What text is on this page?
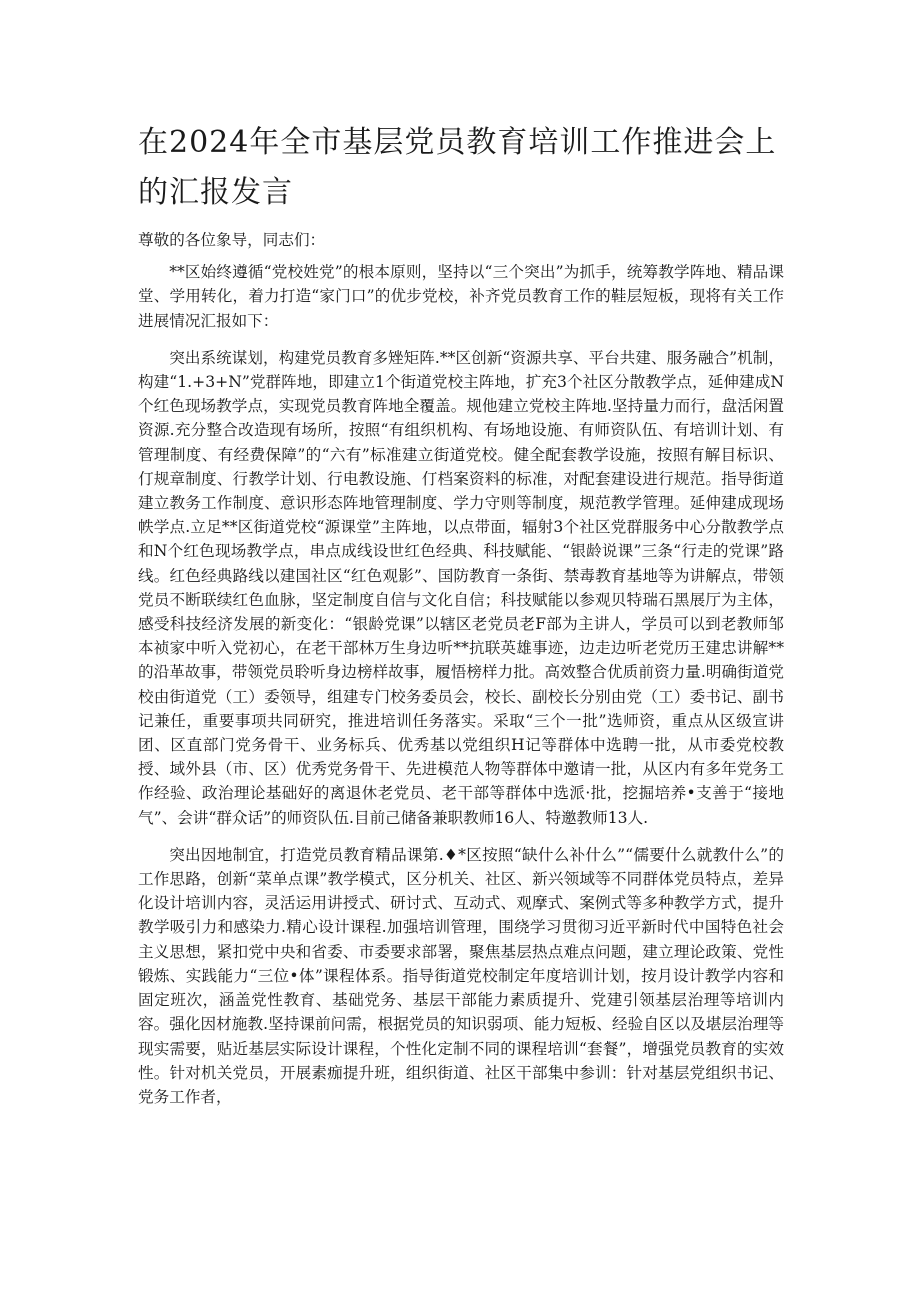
在2024年全市基层党员教育培训工作推进会上的汇报发言

尊敬的各位象导，同志们：

**区始终遵循“党校姓党”的根本原则，坚持以“三个突出”为抓手，统筹教学阵地、精品课堂、学用转化，着力打造“家门口”的优步党校，补齐党员教育工作的鞋层短板，现将有关工作进展情况汇报如下：

突出系统谋划，构建党员教育多矬矩阵.**区创新“资源共享、平台共建、服务融合”机制，构建“1.+3+N”党群阵地，即建立1个街道党校主阵地，扩充3个社区分散教学点，延伸建成N个红色现场教学点，实现党员教育阵地全覆盖。规他建立党校主阵地.坚持量力而行，盘活闲置资源.充分整合改造现有场所，按照“有组织机构、有场地设施、有师资队伍、有培训计划、有管理制度、有经费保障”的“六有”标准建立街道党校。健全配套教学设施，按照有解目标识、仃规章制度、行教学计划、行电教设施、仃档案资料的标准，对配套建设进行规范。指导街道建立教务工作制度、意识形态阵地管理制度、学力守则等制度，规范教学管理。延伸建成现场帙学点.立足**区街道党校“源课堂”主阵地，以点带面，辐射3个社区党群服务中心分散教学点和N个红色现场教学点，串点成线设世红色经典、科技赋能、“银龄说课”三条“行走的党课”路线。红色经典路线以建国社区“红色观影”、国防教育一条街、禁毒教育基地等为讲解点，带领党员不断联续红色血脉，坚定制度自信与文化自信；科技赋能以参观贝特瑞石黑展厅为主体，感受科技经济发展的新变化：“银龄党课”以辖区老党员老F部为主讲人，学员可以到老教师邹本祯家中听入党初心，在老干部林万生身边听**抗联英雄事迹，边走边听老党历王建忠讲解**的沿革故事，带领党员聆听身边榜样故事，履悟榜样力批。高效整合优质前资力量.明确街道党校由街道党（工）委领导，组建专门校务委员会，校长、副校长分别由党（工）委书记、副书记兼任，重要事项共同研究，推进培训任务落实。采取“三个一批”选师资，重点从区级宣讲团、区直部门党务骨干、业务标兵、优秀基以党组织H记等群体中选聘一批，从市委党校教授、域外县（市、区）优秀党务骨干、先进模范人物等群体中邀请一批，从区内有多年党务工作经验、政治理论基础好的离退休老党员、老干部等群体中选派·批，挖掘培养•支善于“接地气”、会讲“群众话”的师资队伍.目前己储备兼职教师16人、特邀教师13人.

突出因地制宜，打造党员教育精品课第.♦*区按照“缺什么补什么”“儒要什么就教什么”的工作思路，创新“菜单点课”教学模式，区分机关、社区、新兴领域等不同群体党员特点，差异化设计培训内容，灵活运用讲授式、研讨式、互动式、观摩式、案例式等多种教学方式，提升教学吸引力和感染力.精心设计课程.加强培训管理，围绕学习贯彻习近平新时代中国特色社会主义思想，紧扣党中央和省委、市委要求部署，聚焦基层热点难点问题，建立理论政策、党性锻炼、实践能力“三位•体”课程体系。指导街道党校制定年度培训计划，按月设计教学内容和固定班次，涵盖党性教育、基础党务、基层干部能力素质提升、党建引领基层治理等培训内容。强化因材施教.坚持课前问需，根据党员的知识弱项、能力短板、经验自区以及堪层治理等现实需要，贴近基层实际设计课程，个性化定制不同的课程培训“套餐”，增强党员教育的实效性。针对机关党员，开展素痂提升班，组织街道、社区干部集中参训：针对基层党组织书记、党务工作者，
